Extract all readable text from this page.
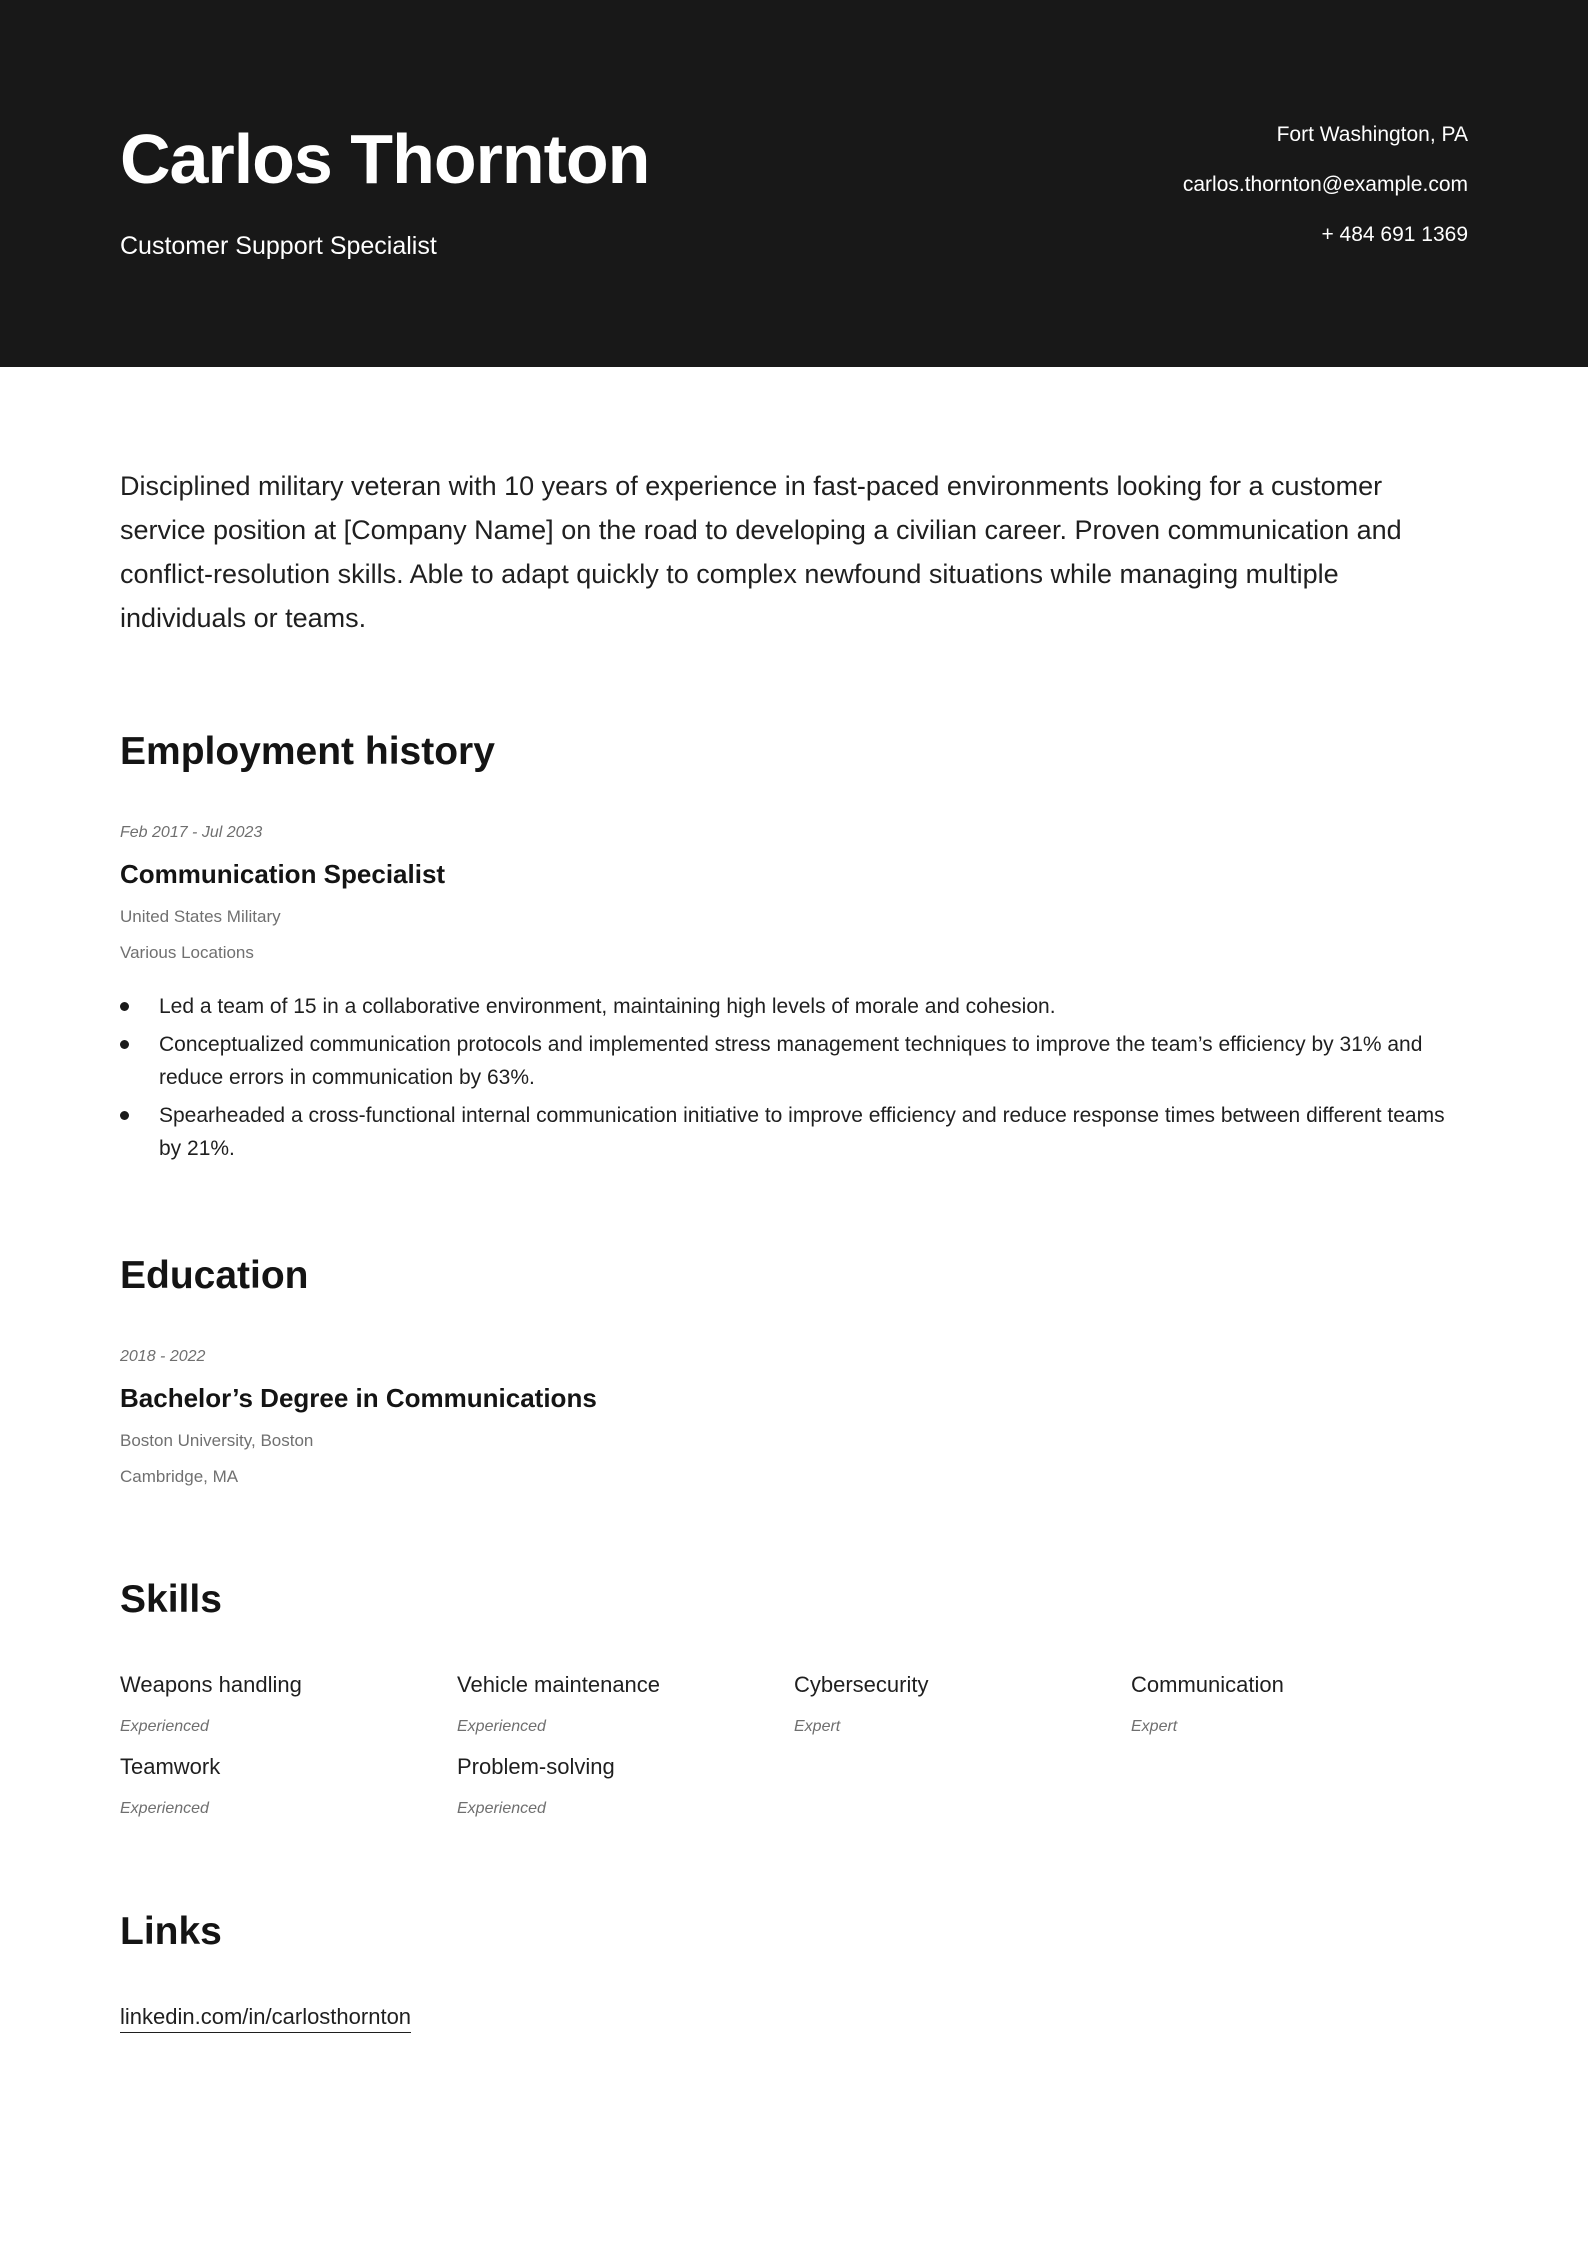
Carlos Thornton
Customer Support Specialist
Fort Washington, PA
carlos.thornton@example.com
+ 484 691 1369
Disciplined military veteran with 10 years of experience in fast-paced environments looking for a customer service position at [Company Name] on the road to developing a civilian career. Proven communication and conflict-resolution skills. Able to adapt quickly to complex newfound situations while managing multiple individuals or teams.
Employment history
Feb 2017 - Jul 2023
Communication Specialist
United States Military
Various Locations
Led a team of 15 in a collaborative environment, maintaining high levels of morale and cohesion.
Conceptualized communication protocols and implemented stress management techniques to improve the team’s efficiency by 31% and reduce errors in communication by 63%.
Spearheaded a cross-functional internal communication initiative to improve efficiency and reduce response times between different teams by 21%.
Education
2018 - 2022
Bachelor’s Degree in Communications
Boston University, Boston
Cambridge, MA
Skills
Weapons handling
Experienced
Vehicle maintenance
Experienced
Cybersecurity
Expert
Communication
Expert
Teamwork
Experienced
Problem-solving
Experienced
Links
linkedin.com/in/carlosthornton
